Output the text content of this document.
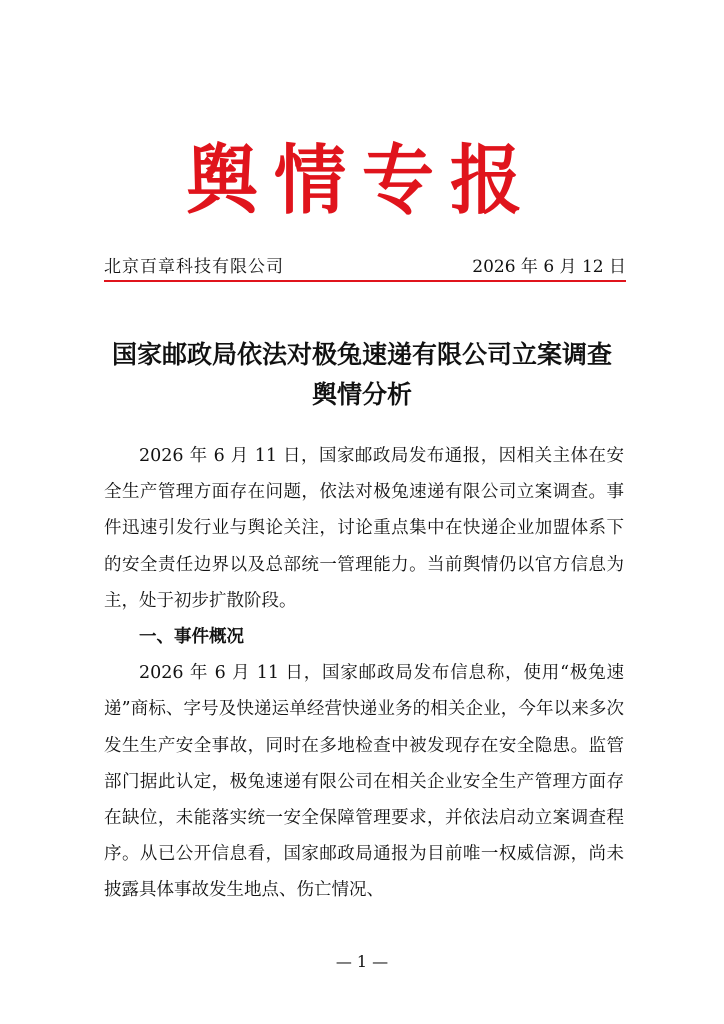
舆情专报
北京百章科技有限公司	2026 年 6 月 12 日
国家邮政局依法对极兔速递有限公司立案调查
舆情分析

2026 年 6 月 11 日，国家邮政局发布通报，因相关主体在安全生产管理方面存在问题，依法对极兔速递有限公司立案调查。事件迅速引发行业与舆论关注，讨论重点集中在快递企业加盟体系下的安全责任边界以及总部统一管理能力。当前舆情仍以官方信息为主，处于初步扩散阶段。

一、事件概况

2026 年 6 月 11 日，国家邮政局发布信息称，使用“极兔速递”商标、字号及快递运单经营快递业务的相关企业，今年以来多次发生生产安全事故，同时在多地检查中被发现存在安全隐患。监管部门据此认定，极兔速递有限公司在相关企业安全生产管理方面存在缺位，未能落实统一安全保障管理要求，并依法启动立案调查程序。从已公开信息看，国家邮政局通报为目前唯一权威信源，尚未披露具体事故发生地点、伤亡情况、

— 1 —
